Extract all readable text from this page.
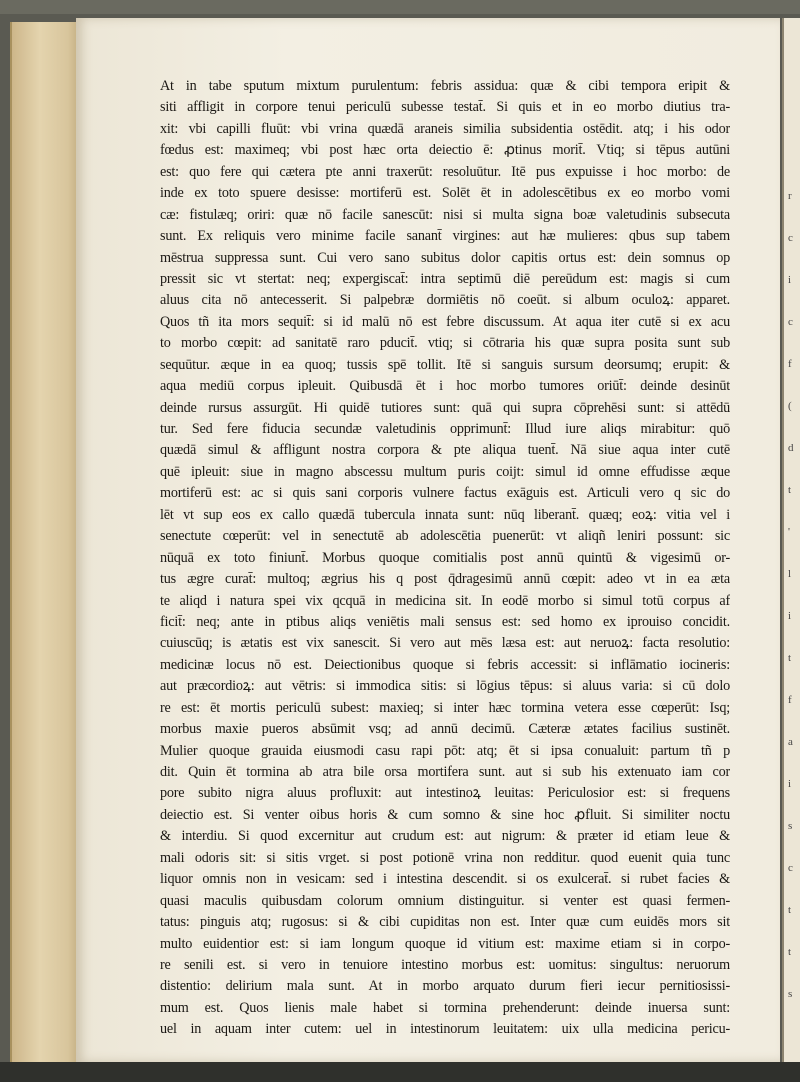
r
c
i
c
f
(
d
t
'
l
i
t
f
a
i
s
c
t
t
s
At in tabe sputum mixtum purulentum: febris assidua: quæ & cibi tempora eripit &
siti affligit in corpore tenui periculū subesse testat̄. Si quis et in eo morbo diutius tra-
xit: vbi capilli fluūt: vbi vrina quædā araneis similia subsidentia ostēdit. atq; i his odor
fœdus est: maximeq; vbi post hæc orta deiectio ē: ꝓtinus morit̄. Vtiq; si tēpus autūni
est: quo fere qui cætera pte anni traxerūt: resoluūtur. Itē pus expuisse i hoc morbo: de
inde ex toto spuere desisse: mortiferū est. Solēt ēt in adolescētibus ex eo morbo vomi
cæ: fistulæq; oriri: quæ nō facile sanescūt: nisi si multa signa boæ valetudinis subsecuta
sunt. Ex reliquis vero minime facile sanant̄ virgines: aut hæ mulieres: qbus sup tabem
mēstrua suppressa sunt. Cui vero sano subitus dolor capitis ortus est: dein somnus op
pressit sic vt stertat: neq; expergiscat̄: intra septimū diē pereūdum est: magis si cum
aluus cita nō antecesserit. Si palpebræ dormiētis nō coeūt. si album oculoꝝ: apparet.
Quos tñ ita mors sequit̄: si id malū nō est febre discussum. At aqua iter cutē si ex acu
to morbo cœpit: ad sanitatē raro pducit̄. vtiq; si cōtraria his quæ supra posita sunt sub
sequūtur. æque in ea quoq; tussis spē tollit. Itē si sanguis sursum deorsumq; erupit: &
aqua mediū corpus ipleuit. Quibusdā ēt i hoc morbo tumores oriūt̄: deinde desinūt
deinde rursus assurgūt. Hi quidē tutiores sunt: quā qui supra cōprehēsi sunt: si attēdū
tur. Sed fere fiducia secundæ valetudinis opprimunt̄: Illud iure aliqs mirabitur: quō
quædā simul & affligunt nostra corpora & pte aliqua tuent̄. Nā siue aqua inter cutē
quē ipleuit: siue in magno abscessu multum puris coijt: simul id omne effudisse æque
mortiferū est: ac si quis sani corporis vulnere factus exāguis est. Articuli vero q sic do
lēt vt sup eos ex callo quædā tubercula innata sunt: nūq liberant̄. quæq; eoꝝ: vitia vel i
senectute cœperūt: vel in senectutē ab adolescētia puenerūt: vt aliqñ leniri possunt: sic
nūquā ex toto finiunt̄. Morbus quoque comitialis post annū quintū & vigesimū or-
tus ægre curat̄: multoq; ægrius his q post q̄dragesimū annū cœpit: adeo vt in ea æta
te aliqd i natura spei vix qcquā in medicina sit. In eodē morbo si simul totū corpus af
ficit̄: neq; ante in ptibus aliqs veniētis mali sensus est: sed homo ex iprouiso concidit.
cuiuscūq; is ætatis est vix sanescit. Si vero aut mēs læsa est: aut neruoꝝ: facta resolutio:
medicinæ locus nō est. Deiectionibus quoque si febris accessit: si inflāmatio iocineris:
aut præcordioꝝ: aut vētris: si immodica sitis: si lōgius tēpus: si aluus varia: si cū dolo
re est: ēt mortis periculū subest: maxieq; si inter hæc tormina vetera esse cœperūt: Isq;
morbus maxie pueros absūmit vsq; ad annū decimū. Cæteræ ætates facilius sustinēt.
Mulier quoque grauida eiusmodi casu rapi pōt: atq; ēt si ipsa conualuit: partum tñ p
dit. Quin ēt tormina ab atra bile orsa mortifera sunt. aut si sub his extenuato iam cor
pore subito nigra aluus profluxit: aut intestinoꝝ leuitas: Periculosior est: si frequens
deiectio est. Si venter oibus horis & cum somno & sine hoc ꝓfluit. Si similiter noctu
& interdiu. Si quod excernitur aut crudum est: aut nigrum: & præter id etiam leue &
mali odoris sit: si sitis vrget. si post potionē vrina non redditur. quod euenit quia tunc
liquor omnis non in vesicam: sed i intestina descendit. si os exulcerat̄. si rubet facies &
quasi maculis quibusdam colorum omnium distinguitur. si venter est quasi fermen-
tatus: pinguis atq; rugosus: si & cibi cupiditas non est. Inter quæ cum euidēs mors sit
multo euidentior est: si iam longum quoque id vitium est: maxime etiam si in corpo-
re senili est. si vero in tenuiore intestino morbus est: uomitus: singultus: neruorum
distentio: delirium mala sunt. At in morbo arquato durum fieri iecur pernitiosissi-
mum est. Quos lienis male habet si tormina prehenderunt: deinde inuersa sunt:
uel in aquam inter cutem: uel in intestinorum leuitatem: uix ulla medicina pericu-
